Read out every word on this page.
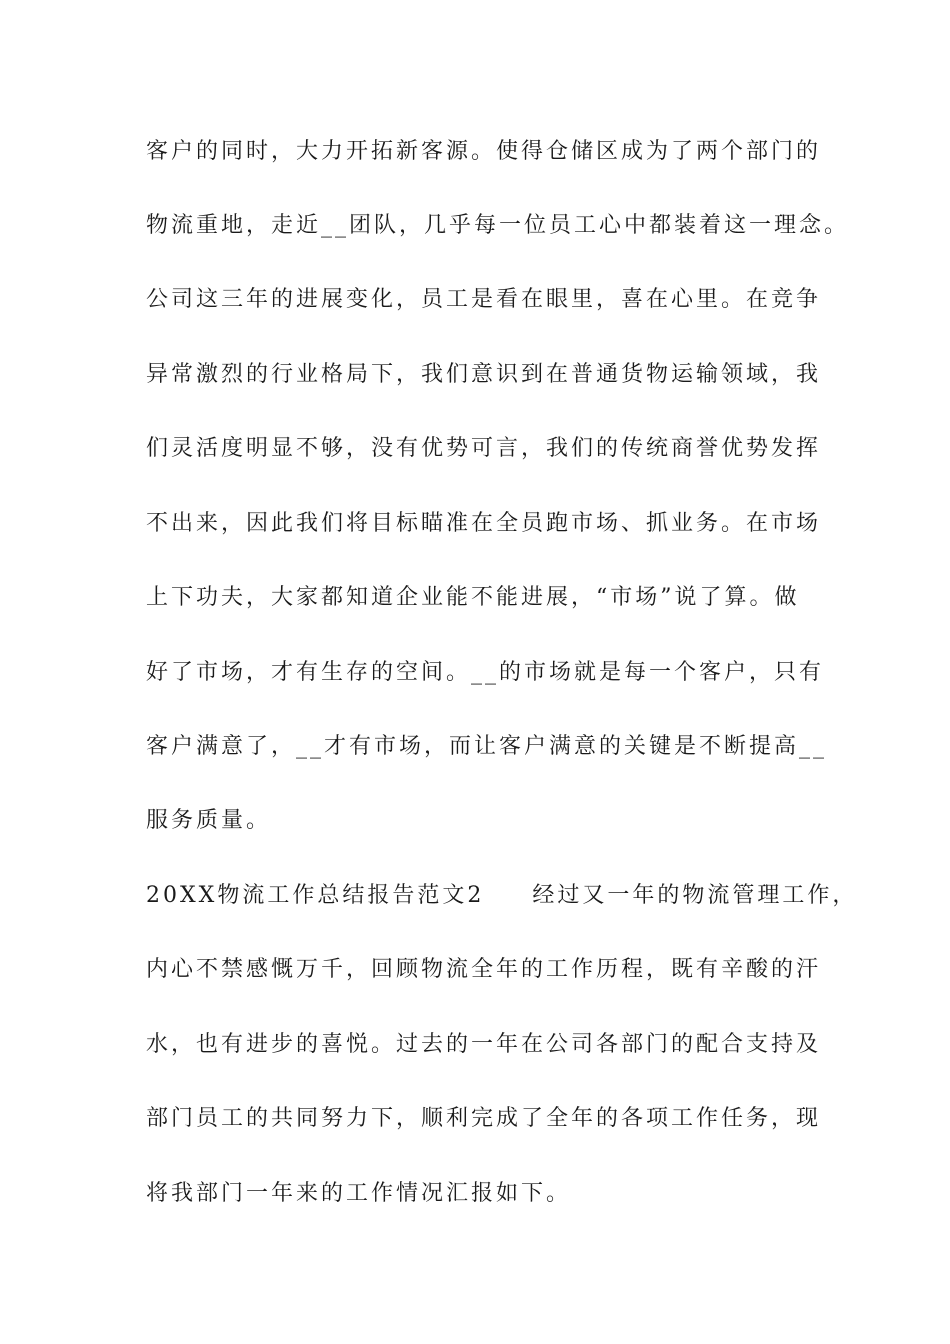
客户的同时，大力开拓新客源。使得仓储区成为了两个部门的
物流重地，走近__团队，几乎每一位员工心中都装着这一理念。
公司这三年的进展变化，员工是看在眼里，喜在心里。在竞争
异常激烈的行业格局下，我们意识到在普通货物运输领域，我
们灵活度明显不够，没有优势可言，我们的传统商誉优势发挥
不出来，因此我们将目标瞄准在全员跑市场、抓业务。在市场
上下功夫，大家都知道企业能不能进展，“市场”说了算。做
好了市场，才有生存的空间。__的市场就是每一个客户，只有
客户满意了，__才有市场，而让客户满意的关键是不断提高__
服务质量。
20XX物流工作总结报告范文2 经过又一年的物流管理工作，
内心不禁感慨万千，回顾物流全年的工作历程，既有辛酸的汗
水，也有进步的喜悦。过去的一年在公司各部门的配合支持及
部门员工的共同努力下，顺利完成了全年的各项工作任务，现
将我部门一年来的工作情况汇报如下。
